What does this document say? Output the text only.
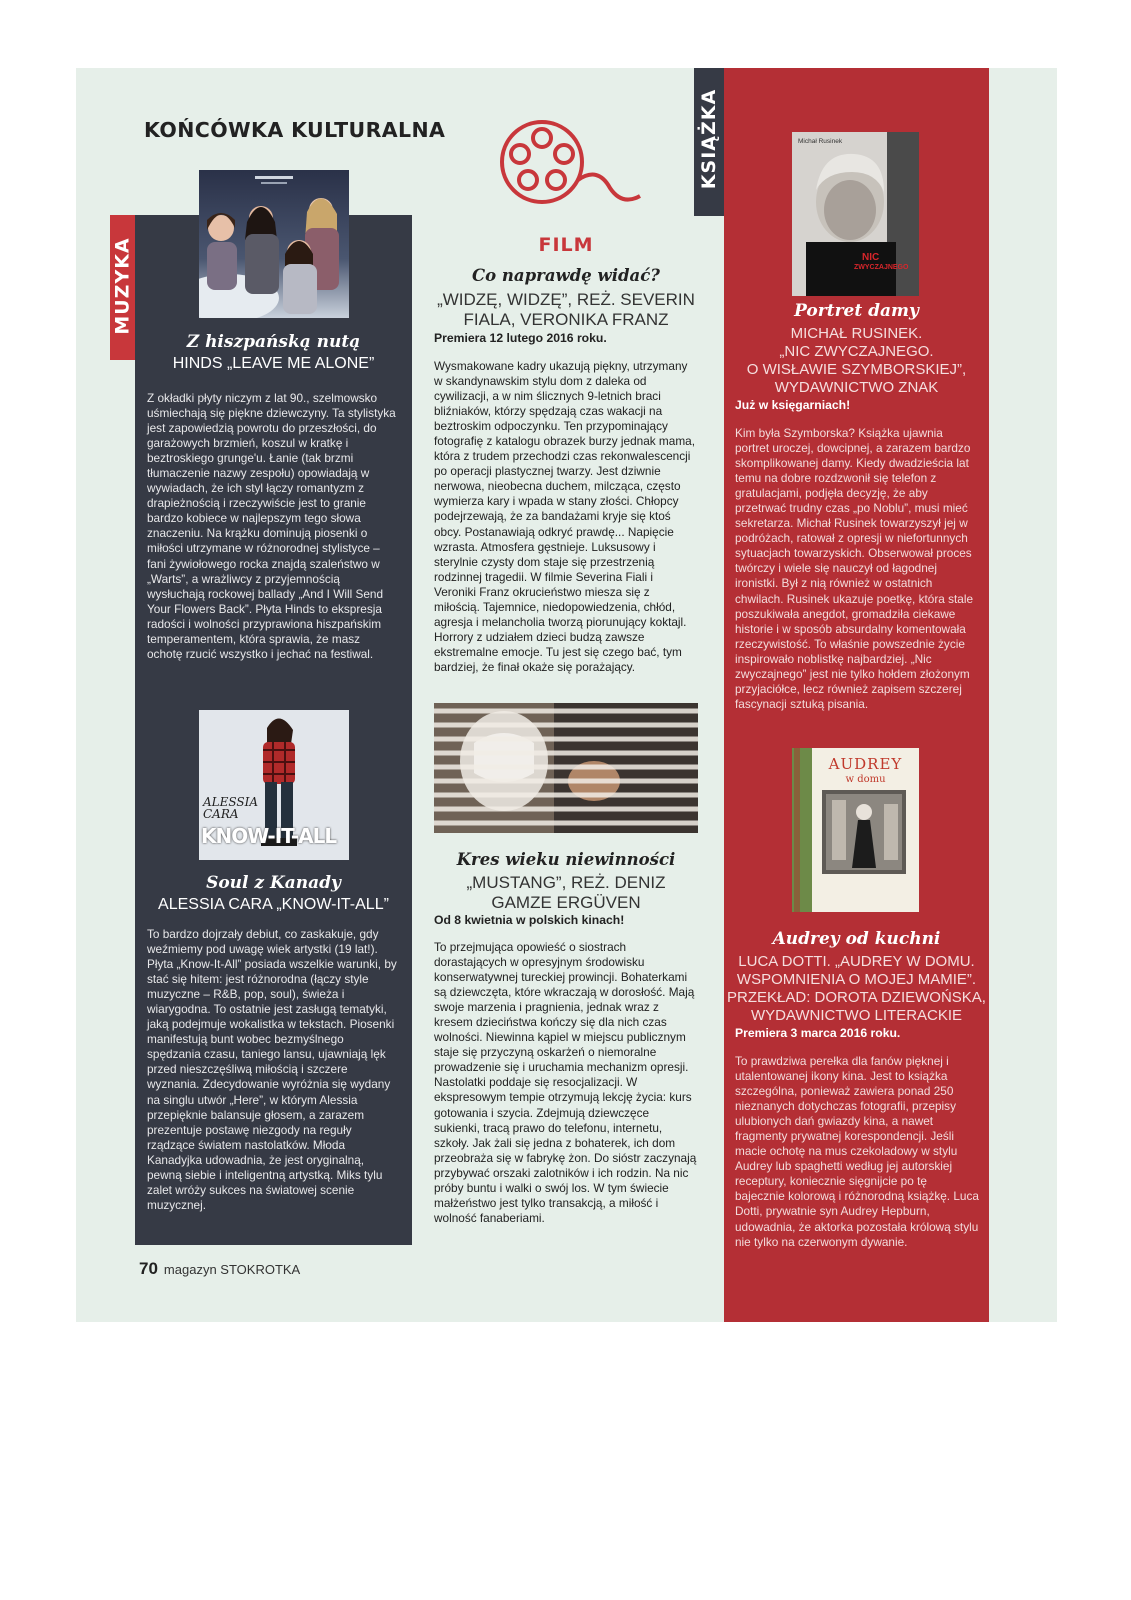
KOŃCÓWKA KULTURALNA
Z hiszpańską nutą
HINDS „LEAVE ME ALONE”

Z okładki płyty niczym z lat 90., szelmowsko uśmiechają się piękne dziewczyny. Ta stylistyka jest zapowiedzią powrotu do przeszłości, do garażowych brzmień, koszul w kratkę i beztroskiego grunge'u. Łanie (tak brzmi tłumaczenie nazwy zespołu) opowiadają w wywiadach, że ich styl łączy romantyzm z drapieżnością i rzeczywiście jest to granie bardzo kobiece w najlepszym tego słowa znaczeniu. Na krążku dominują piosenki o miłości utrzymane w różnorodnej stylistyce – fani żywiołowego rocka znajdą szaleństwo w „Warts”, a wrażliwcy z przyjemnością wysłuchają rockowej ballady „And I Will Send Your Flowers Back”. Płyta Hinds to ekspresja radości i wolności przyprawiona hiszpańskim temperamentem, która sprawia, że masz ochotę rzucić wszystko i jechać na festiwal.

ALESSIA CARA
KNOW-IT-ALL
Soul z Kanady
ALESSIA CARA „KNOW-IT-ALL”

To bardzo dojrzały debiut, co zaskakuje, gdy weźmiemy pod uwagę wiek artystki (19 lat!). Płyta „Know-It-All” posiada wszelkie warunki, by stać się hitem: jest różnorodna (łączy style muzyczne – R&B, pop, soul), świeża i wiarygodna. To ostatnie jest zasługą tematyki, jaką podejmuje wokalistka w tekstach. Piosenki manifestują bunt wobec bezmyślnego spędzania czasu, taniego lansu, ujawniają lęk przed nieszczęśliwą miłością i szczere wyznania. Zdecydowanie wyróżnia się wydany na singlu utwór „Here”, w którym Alessia przepięknie balansuje głosem, a zarazem prezentuje postawę niezgody na reguły rządzące światem nastolatków. Młoda Kanadyjka udowadnia, że jest oryginalną, pewną siebie i inteligentną artystką. Miks tylu zalet wróży sukces na światowej scenie muzycznej.

MUZYKA	FILM
Co naprawdę widać?
„WIDZĘ, WIDZĘ”, REŻ. SEVERIN
FIALA, VERONIKA FRANZ
Premiera 12 lutego 2016 roku.

Wysmakowane kadry ukazują piękny, utrzymany w skandynawskim stylu dom z daleka od cywilizacji, a w nim ślicznych 9-letnich braci bliźniaków, którzy spędzają czas wakacji na beztroskim odpoczynku. Ten przypominający fotografię z katalogu obrazek burzy jednak mama, która z trudem przechodzi czas rekonwalescencji po operacji plastycznej twarzy. Jest dziwnie nerwowa, nieobecna duchem, milcząca, często wymierza kary i wpada w stany złości. Chłopcy podejrzewają, że za bandażami kryje się ktoś obcy. Postanawiają odkryć prawdę... Napięcie wzrasta. Atmosfera gęstnieje. Luksusowy i sterylnie czysty dom staje się przestrzenią rodzinnej tragedii. W filmie Severina Fiali i Veroniki Franz okrucieństwo miesza się z miłością. Tajemnice, niedopowiedzenia, chłód, agresja i melancholia tworzą piorunujący koktajl. Horrory z udziałem dzieci budzą zawsze ekstremalne emocje. Tu jest się czego bać, tym bardziej, że finał okaże się porażający.

Kres wieku niewinności
„MUSTANG”, REŻ. DENIZ
GAMZE ERGÜVEN
Od 8 kwietnia w polskich kinach!

To przejmująca opowieść o siostrach dorastających w opresyjnym środowisku konserwatywnej tureckiej prowincji. Bohaterkami są dziewczęta, które wkraczają w dorosłość. Mają swoje marzenia i pragnienia, jednak wraz z kresem dzieciństwa kończy się dla nich czas wolności. Niewinna kąpiel w miejscu publicznym staje się przyczyną oskarżeń o niemoralne prowadzenie się i uruchamia mechanizm opresji. Nastolatki poddaje się resocjalizacji. W ekspresowym tempie otrzymują lekcję życia: kurs gotowania i szycia. Zdejmują dziewczęce sukienki, tracą prawo do telefonu, internetu, szkoły. Jak żali się jedna z bohaterek, ich dom przeobraża się w fabrykę żon. Do sióstr zaczynają przybywać orszaki zalotników i ich rodzin. Na nic próby buntu i walki o swój los. W tym świecie małżeństwo jest tylko transakcją, a miłość i wolność fanaberiami.

Michał Rusinek
NIC
ZWYCZAJNEGO
Portret damy
MICHAŁ RUSINEK.
„NIC ZWYCZAJNEGO.
O WISŁAWIE SZYMBORSKIEJ”,
WYDAWNICTWO ZNAK
Już w księgarniach!

Kim była Szymborska? Książka ujawnia portret uroczej, dowcipnej, a zarazem bardzo skomplikowanej damy. Kiedy dwadzieścia lat temu na dobre rozdzwonił się telefon z gratulacjami, podjęła decyzję, że aby przetrwać trudny czas „po Noblu”, musi mieć sekretarza. Michał Rusinek towarzyszył jej w podróżach, ratował z opresji w niefortunnych sytuacjach towarzyskich. Obserwował proces twórczy i wiele się nauczył od łagodnej ironistki. Był z nią również w ostatnich chwilach. Rusinek ukazuje poetkę, która stale poszukiwała anegdot, gromadziła ciekawe historie i w sposób absurdalny komentowała rzeczywistość. To właśnie powszednie życie inspirowało noblistkę najbardziej. „Nic zwyczajnego” jest nie tylko hołdem złożonym przyjaciółce, lecz również zapisem szczerej fascynacji sztuką pisania.

AUDREY
w domu
Audrey od kuchni
LUCA DOTTI. „AUDREY W DOMU.
WSPOMNIENIA O MOJEJ MAMIE”.
PRZEKŁAD: DOROTA DZIEWOŃSKA,
WYDAWNICTWO LITERACKIE
Premiera 3 marca 2016 roku.

To prawdziwa perełka dla fanów pięknej i utalentowanej ikony kina. Jest to książka szczególna, ponieważ zawiera ponad 250 nieznanych dotychczas fotografii, przepisy ulubionych dań gwiazdy kina, a nawet fragmenty prywatnej korespondencji. Jeśli macie ochotę na mus czekoladowy w stylu Audrey lub spaghetti według jej autorskiej receptury, koniecznie sięgnijcie po tę bajecznie kolorową i różnorodną książkę. Luca Dotti, prywatnie syn Audrey Hepburn, udowadnia, że aktorka pozostała królową stylu nie tylko na czerwonym dywanie.

KSIĄŻKA
70 magazyn STOKROTKA
